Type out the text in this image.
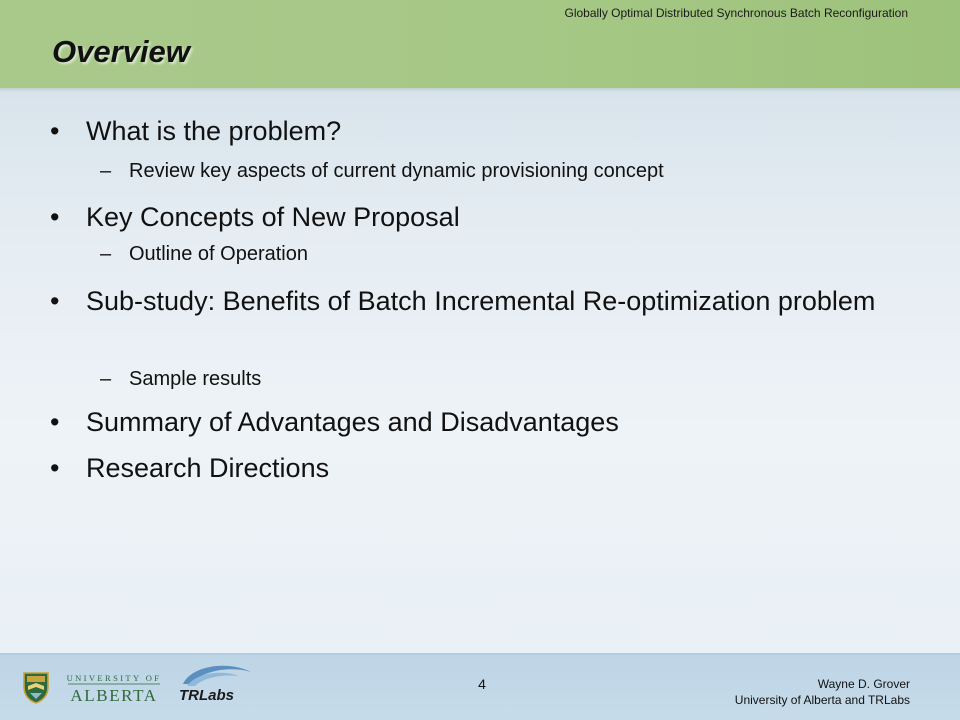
Globally Optimal Distributed Synchronous Batch Reconfiguration
Overview
• What is the problem?
– Review key aspects of current dynamic provisioning concept
• Key Concepts of New Proposal
– Outline of Operation
• Sub-study: Benefits of Batch Incremental Re-optimization problem
– Sample results
• Summary of Advantages and Disadvantages
• Research Directions
UNIVERSITY OF
ALBERTA TRLabs
4	Wayne D. Grover
University of Alberta and TRLabs
